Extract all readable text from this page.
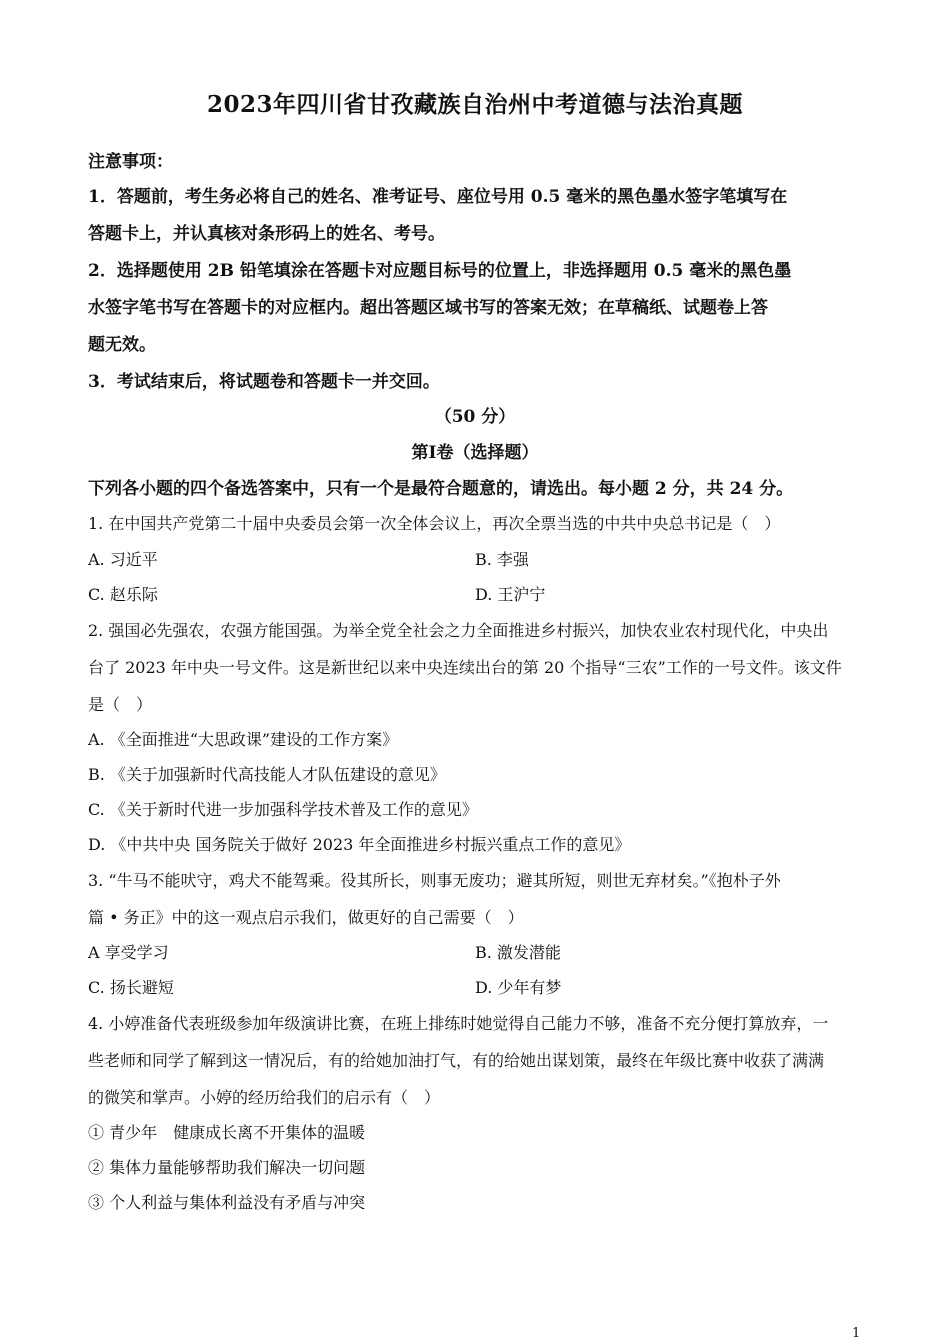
2023年四川省甘孜藏族自治州中考道德与法治真题
注意事项：
1．答题前，考生务必将自己的姓名、准考证号、座位号用 0.5 毫米的黑色墨水签字笔填写在
答题卡上，并认真核对条形码上的姓名、考号。
2．选择题使用 2B 铅笔填涂在答题卡对应题目标号的位置上，非选择题用 0.5 毫米的黑色墨
水签字笔书写在答题卡的对应框内。超出答题区域书写的答案无效；在草稿纸、试题卷上答
题无效。
3．考试结束后，将试题卷和答题卡一并交回。
（50 分）
第Ⅰ卷（选择题）
下列各小题的四个备选答案中，只有一个是最符合题意的，请选出。每小题 2 分，共 24 分。
1. 在中国共产党第二十届中央委员会第一次全体会议上，再次全票当选的中共中央总书记是（　）
A. 习近平	B. 李强
C. 赵乐际	D. 王沪宁
2. 强国必先强农，农强方能国强。为举全党全社会之力全面推进乡村振兴，加快农业农村现代化，中央出
台了 2023 年中央一号文件。这是新世纪以来中央连续出台的第 20 个指导“三农”工作的一号文件。该文件
是（　）
A. 《全面推进“大思政课”建设的工作方案》
B. 《关于加强新时代高技能人才队伍建设的意见》
C. 《关于新时代进一步加强科学技术普及工作的意见》
D. 《中共中央 国务院关于做好 2023 年全面推进乡村振兴重点工作的意见》
3. “牛马不能吠守，鸡犬不能驾乘。役其所长，则事无废功；避其所短，则世无弃材矣。”《抱朴子外
篇 • 务正》中的这一观点启示我们，做更好的自己需要（　）
A 享受学习	B. 激发潜能
C. 扬长避短	D. 少年有梦
4. 小婷准备代表班级参加年级演讲比赛，在班上排练时她觉得自己能力不够，准备不充分便打算放弃，一
些老师和同学了解到这一情况后，有的给她加油打气，有的给她出谋划策，最终在年级比赛中收获了满满
的微笑和掌声。小婷的经历给我们的启示有（　）
① 青少年　健康成长离不开集体的温暖
② 集体力量能够帮助我们解决一切问题
③ 个人利益与集体利益没有矛盾与冲突
1
